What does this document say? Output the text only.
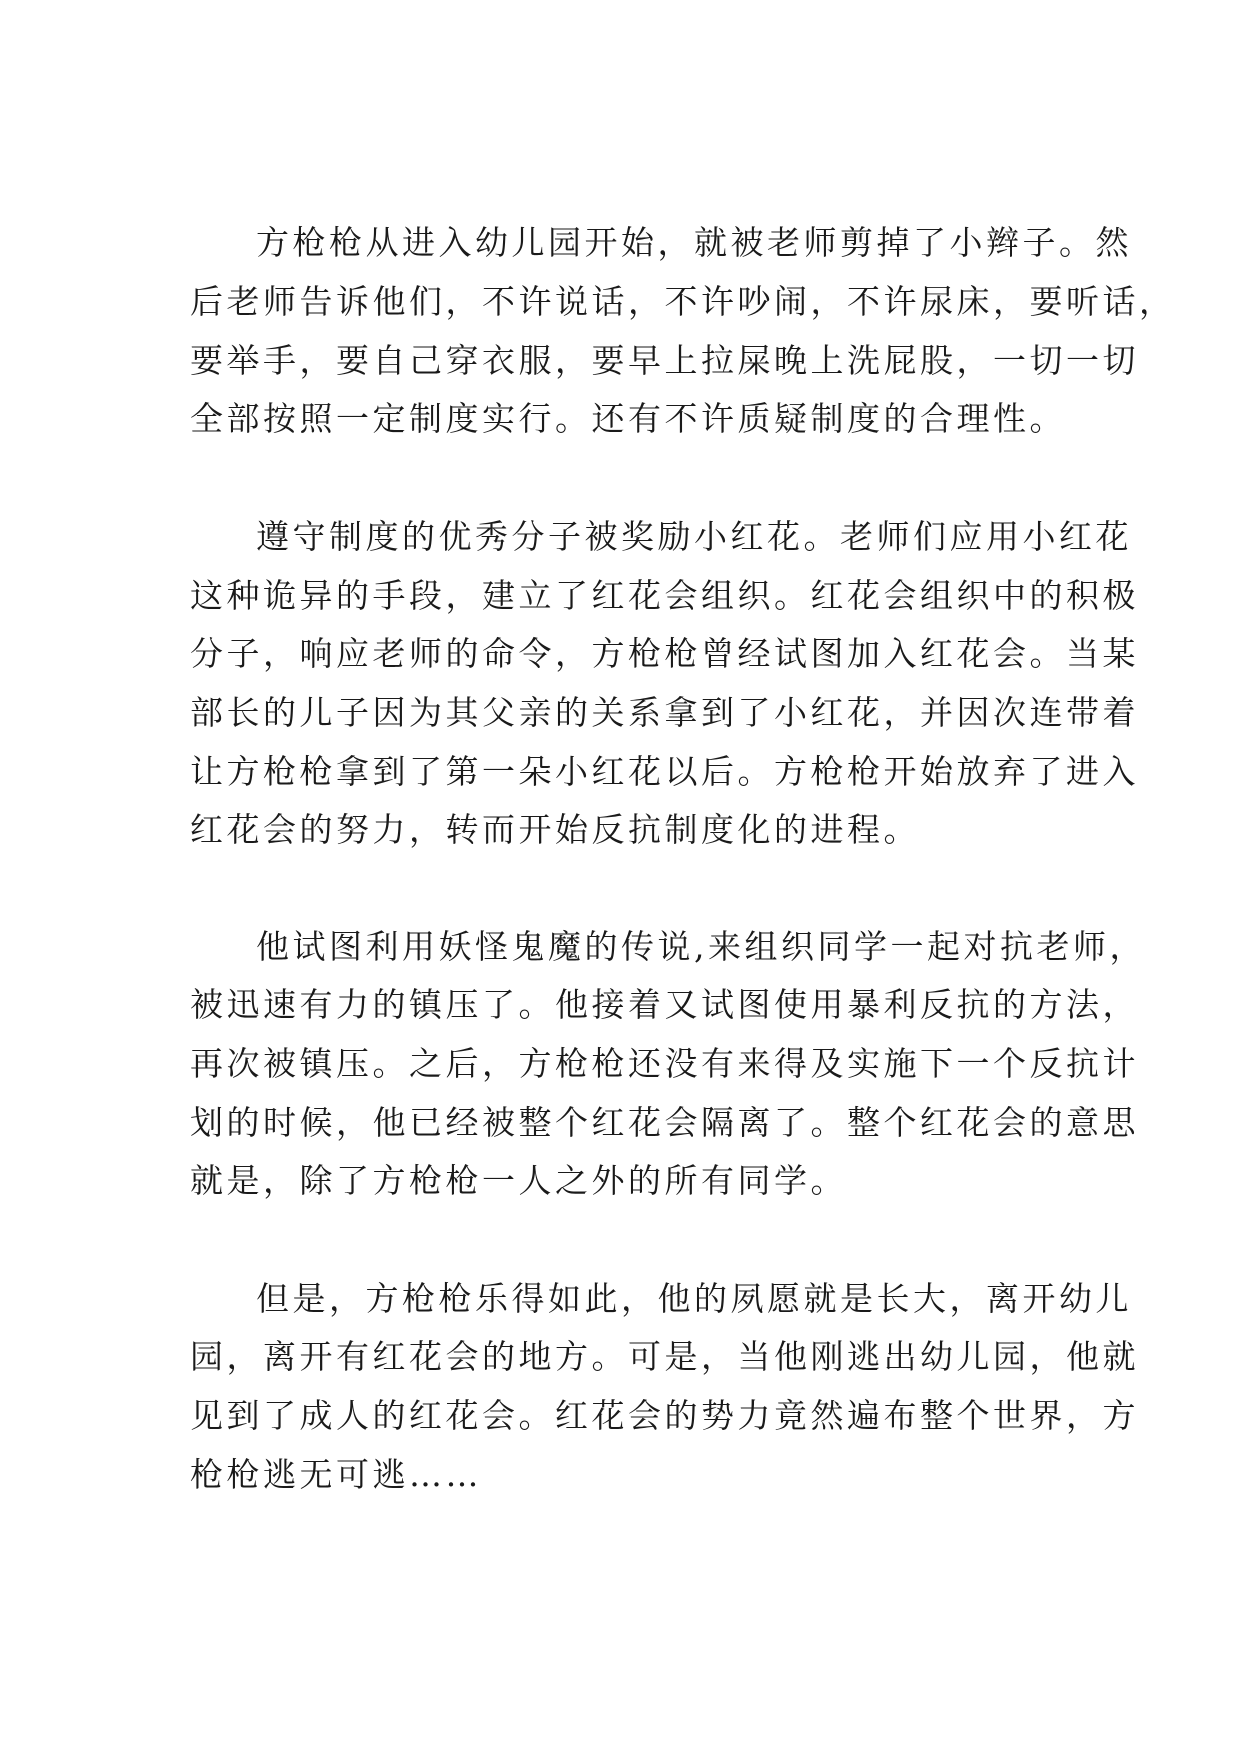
方枪枪从进入幼儿园开始，就被老师剪掉了小辫子。然
后老师告诉他们，不许说话，不许吵闹，不许尿床，要听话，
要举手，要自己穿衣服，要早上拉屎晚上洗屁股，一切一切
全部按照一定制度实行。还有不许质疑制度的合理性。
遵守制度的优秀分子被奖励小红花。老师们应用小红花
这种诡异的手段，建立了红花会组织。红花会组织中的积极
分子，响应老师的命令，方枪枪曾经试图加入红花会。当某
部长的儿子因为其父亲的关系拿到了小红花，并因次连带着
让方枪枪拿到了第一朵小红花以后。方枪枪开始放弃了进入
红花会的努力，转而开始反抗制度化的进程。
他试图利用妖怪鬼魔的传说,来组织同学一起对抗老师，
被迅速有力的镇压了。他接着又试图使用暴利反抗的方法，
再次被镇压。之后，方枪枪还没有来得及实施下一个反抗计
划的时候，他已经被整个红花会隔离了。整个红花会的意思
就是，除了方枪枪一人之外的所有同学。
但是，方枪枪乐得如此，他的夙愿就是长大，离开幼儿
园，离开有红花会的地方。可是，当他刚逃出幼儿园，他就
见到了成人的红花会。红花会的势力竟然遍布整个世界，方
枪枪逃无可逃……
